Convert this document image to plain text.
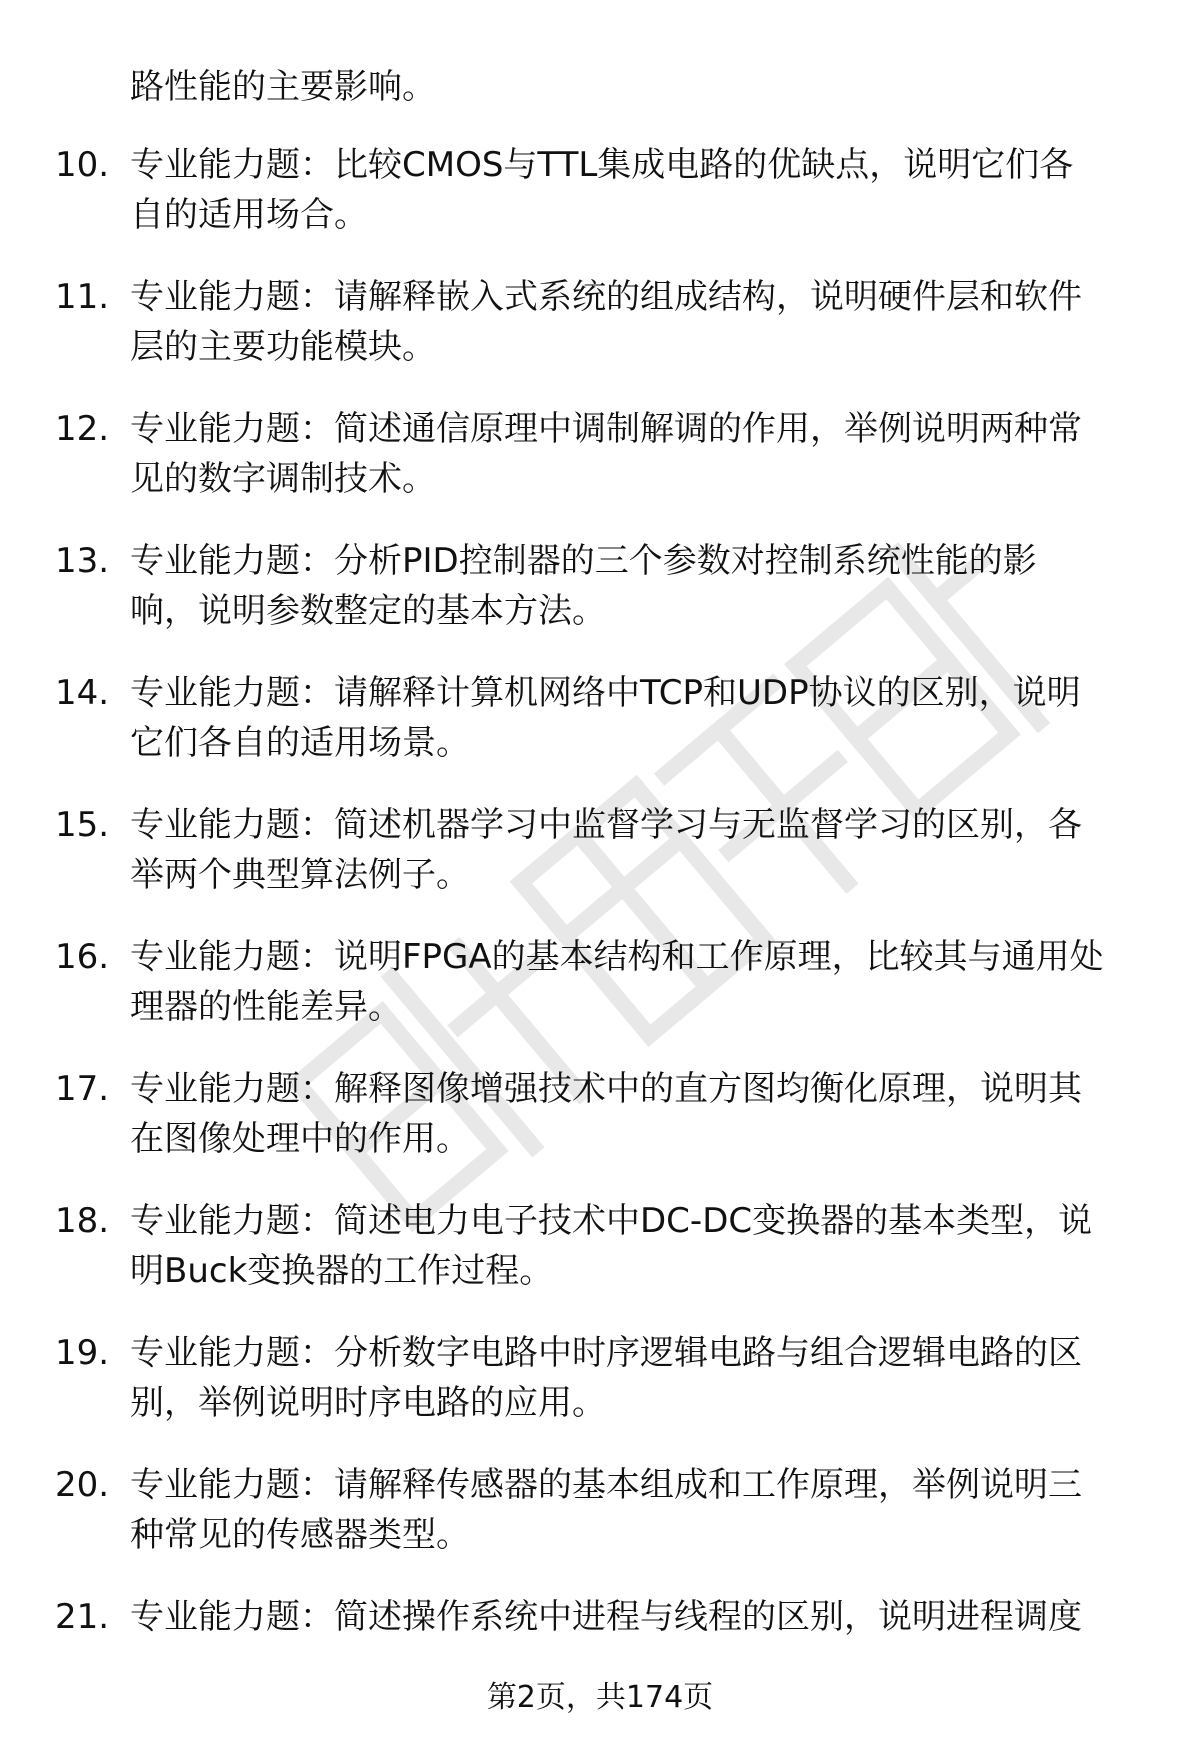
路性能的主要影响。
10. 专业能力题：比较CMOS与TTL集成电路的优缺点，说明它们各
自的适用场合。
11. 专业能力题：请解释嵌入式系统的组成结构，说明硬件层和软件
层的主要功能模块。
12. 专业能力题：简述通信原理中调制解调的作用，举例说明两种常
见的数字调制技术。
13. 专业能力题：分析PID控制器的三个参数对控制系统性能的影
响，说明参数整定的基本方法。
14. 专业能力题：请解释计算机网络中TCP和UDP协议的区别，说明
它们各自的适用场景。
15. 专业能力题：简述机器学习中监督学习与无监督学习的区别，各
举两个典型算法例子。
16. 专业能力题：说明FPGA的基本结构和工作原理，比较其与通用处
理器的性能差异。
17. 专业能力题：解释图像增强技术中的直方图均衡化原理，说明其
在图像处理中的作用。
18. 专业能力题：简述电力电子技术中DC-DC变换器的基本类型，说
明Buck变换器的工作过程。
19. 专业能力题：分析数字电路中时序逻辑电路与组合逻辑电路的区
别，举例说明时序电路的应用。
20. 专业能力题：请解释传感器的基本组成和工作原理，举例说明三
种常见的传感器类型。
21. 专业能力题：简述操作系统中进程与线程的区别，说明进程调度
第2页，共174页
